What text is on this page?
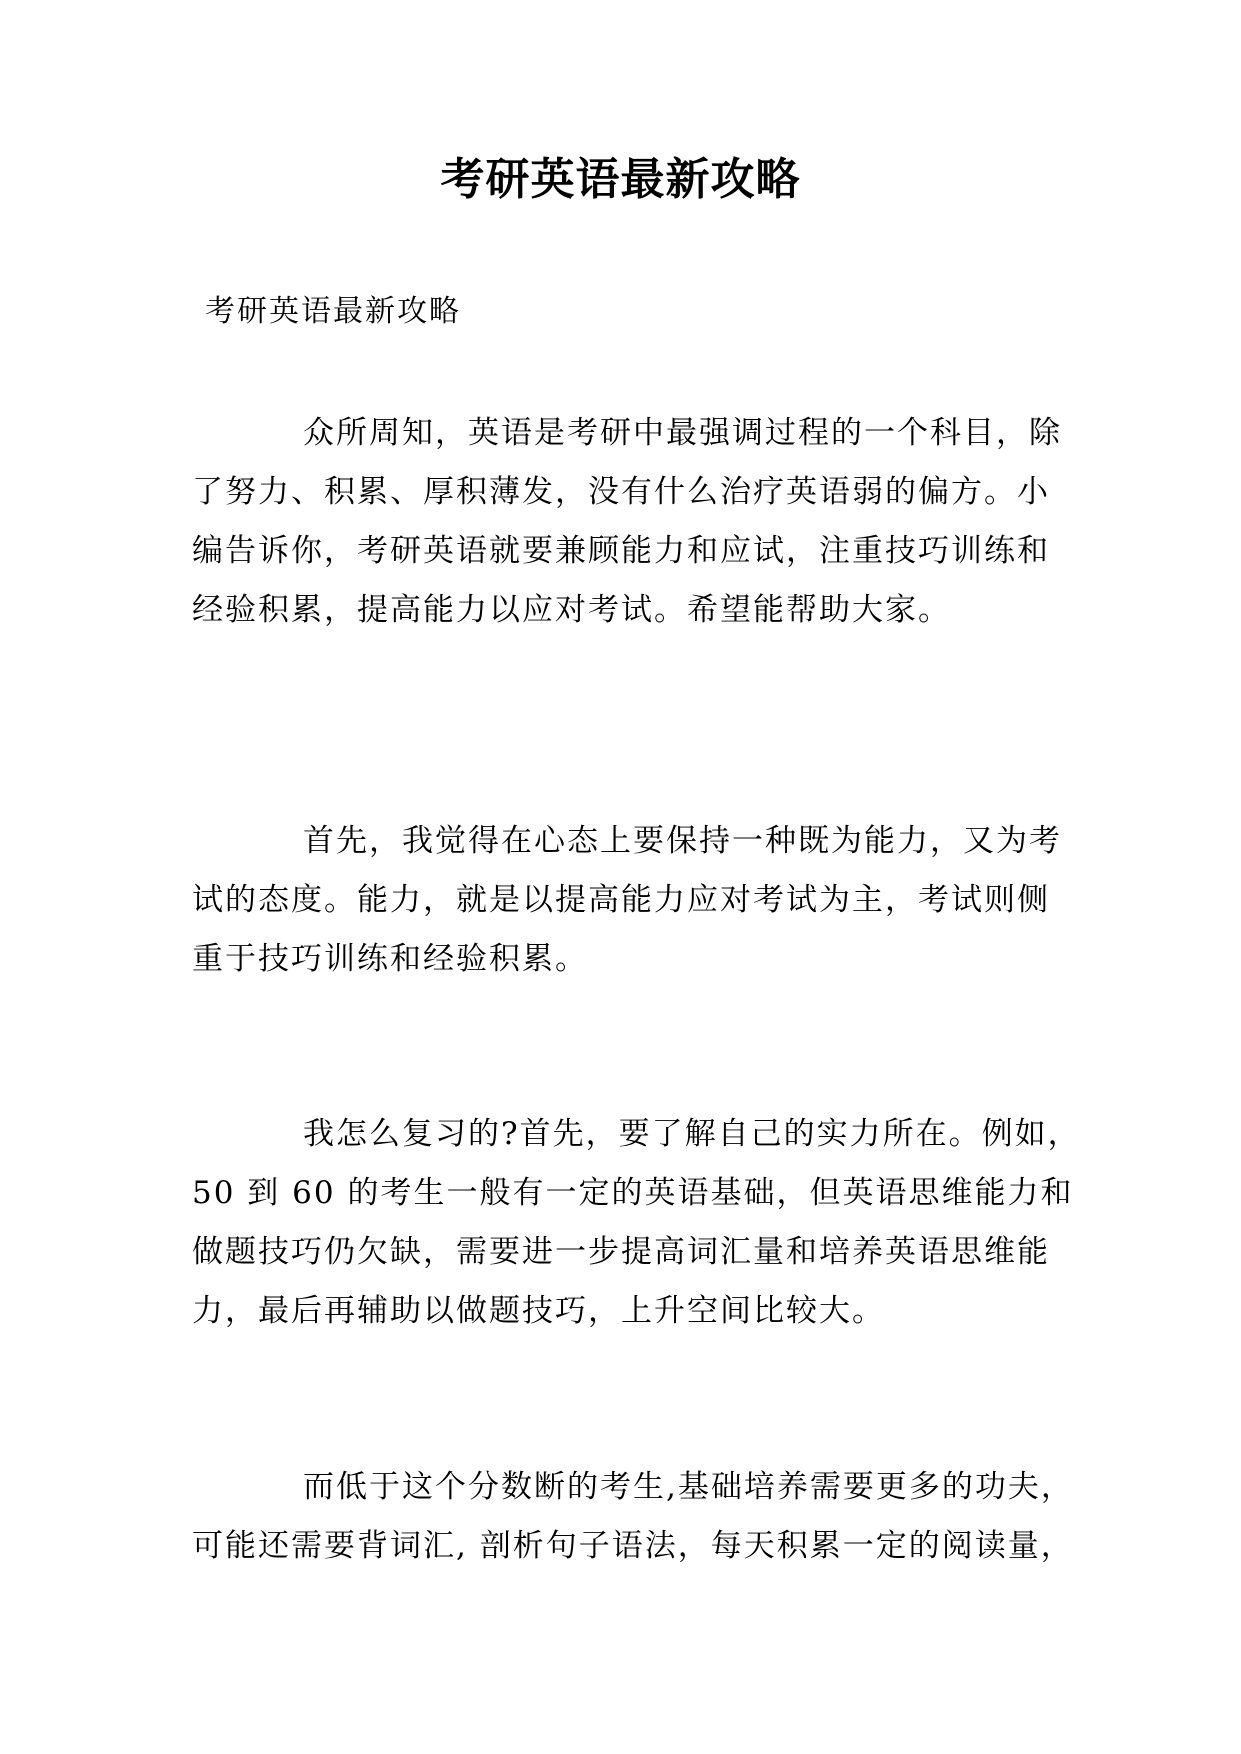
考研英语最新攻略

考研英语最新攻略

众所周知，英语是考研中最强调过程的一个科目，除
了努力、积累、厚积薄发，没有什么治疗英语弱的偏方。小
编告诉你，考研英语就要兼顾能力和应试，注重技巧训练和
经验积累，提高能力以应对考试。希望能帮助大家。
首先，我觉得在心态上要保持一种既为能力，又为考
试的态度。能力，就是以提高能力应对考试为主，考试则侧
重于技巧训练和经验积累。
我怎么复习的?首先，要了解自己的实力所在。例如，
50 到 60 的考生一般有一定的英语基础，但英语思维能力和
做题技巧仍欠缺，需要进一步提高词汇量和培养英语思维能
力，最后再辅助以做题技巧，上升空间比较大。
而低于这个分数断的考生,基础培养需要更多的功夫，
可能还需要背词汇, 剖析句子语法，每天积累一定的阅读量，
